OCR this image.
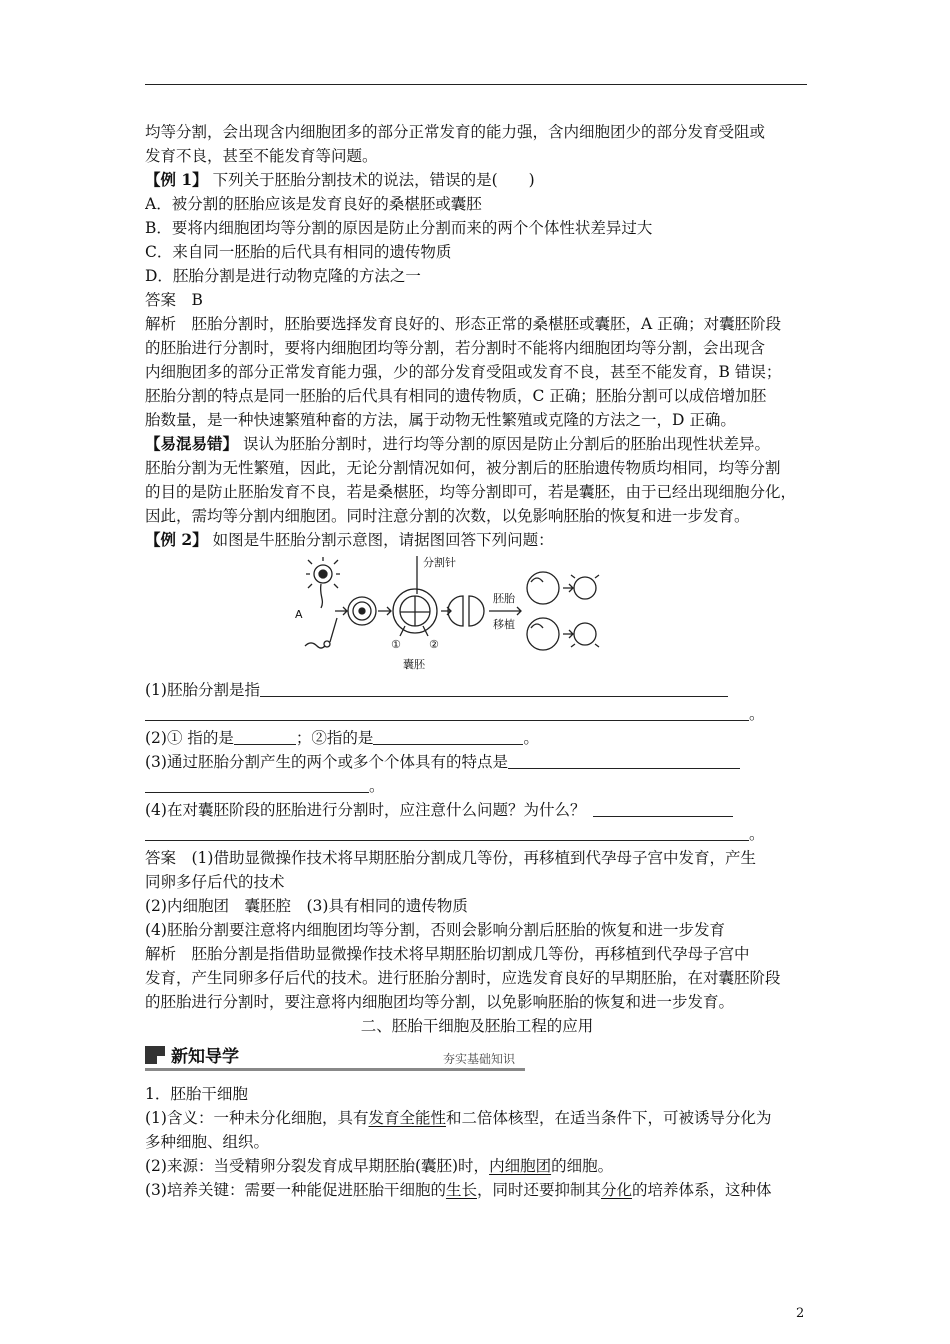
均等分割，会出现含内细胞团多的部分正常发育的能力强，含内细胞团少的部分发育受阻或
发育不良，甚至不能发育等问题。
【例 1】 下列关于胚胎分割技术的说法，错误的是(　　)
A．被分割的胚胎应该是发育良好的桑椹胚或囊胚
B．要将内细胞团均等分割的原因是防止分割而来的两个个体性状差异过大
C．来自同一胚胎的后代具有相同的遗传物质
D．胚胎分割是进行动物克隆的方法之一
答案　B
解析　胚胎分割时，胚胎要选择发育良好的、形态正常的桑椹胚或囊胚，A 正确；对囊胚阶段
的胚胎进行分割时，要将内细胞团均等分割，若分割时不能将内细胞团均等分割，会出现含
内细胞团多的部分正常发育能力强，少的部分发育受阻或发育不良，甚至不能发育，B 错误；
胚胎分割的特点是同一胚胎的后代具有相同的遗传物质，C 正确；胚胎分割可以成倍增加胚
胎数量，是一种快速繁殖种畜的方法，属于动物无性繁殖或克隆的方法之一，D 正确。
【易混易错】 误认为胚胎分割时，进行均等分割的原因是防止分割后的胚胎出现性状差异。
胚胎分割为无性繁殖，因此，无论分割情况如何，被分割后的胚胎遗传物质均相同，均等分割
的目的是防止胚胎发育不良，若是桑椹胚，均等分割即可，若是囊胚，由于已经出现细胞分化，
因此，需均等分割内细胞团。同时注意分割的次数，以免影响胚胎的恢复和进一步发育。
【例 2】 如图是牛胚胎分割示意图，请据图回答下列问题：
A
分割针
①	②
囊胚
胚胎
移植
(1)胚胎分割是指
。
(2)① 指的是	；②指的是	。
(3)通过胚胎分割产生的两个或多个个体具有的特点是
。
(4)在对囊胚阶段的胚胎进行分割时，应注意什么问题？为什么？
。
答案　(1)借助显微操作技术将早期胚胎分割成几等份，再移植到代孕母子宫中发育，产生
同卵多仔后代的技术
(2)内细胞团　囊胚腔　(3)具有相同的遗传物质
(4)胚胎分割要注意将内细胞团均等分割，否则会影响分割后胚胎的恢复和进一步发育
解析　胚胎分割是指借助显微操作技术将早期胚胎切割成几等份，再移植到代孕母子宫中
发育，产生同卵多仔后代的技术。进行胚胎分割时，应选发育良好的早期胚胎，在对囊胚阶段
的胚胎进行分割时，要注意将内细胞团均等分割，以免影响胚胎的恢复和进一步发育。
二、胚胎干细胞及胚胎工程的应用
新知导学	夯实基础知识
1．胚胎干细胞
(1)含义：一种未分化细胞，具有发育全能性和二倍体核型，在适当条件下，可被诱导分化为
多种细胞、组织。
(2)来源：当受精卵分裂发育成早期胚胎(囊胚)时，内细胞团的细胞。
(3)培养关键：需要一种能促进胚胎干细胞的生长，同时还要抑制其分化的培养体系，这种体
2
